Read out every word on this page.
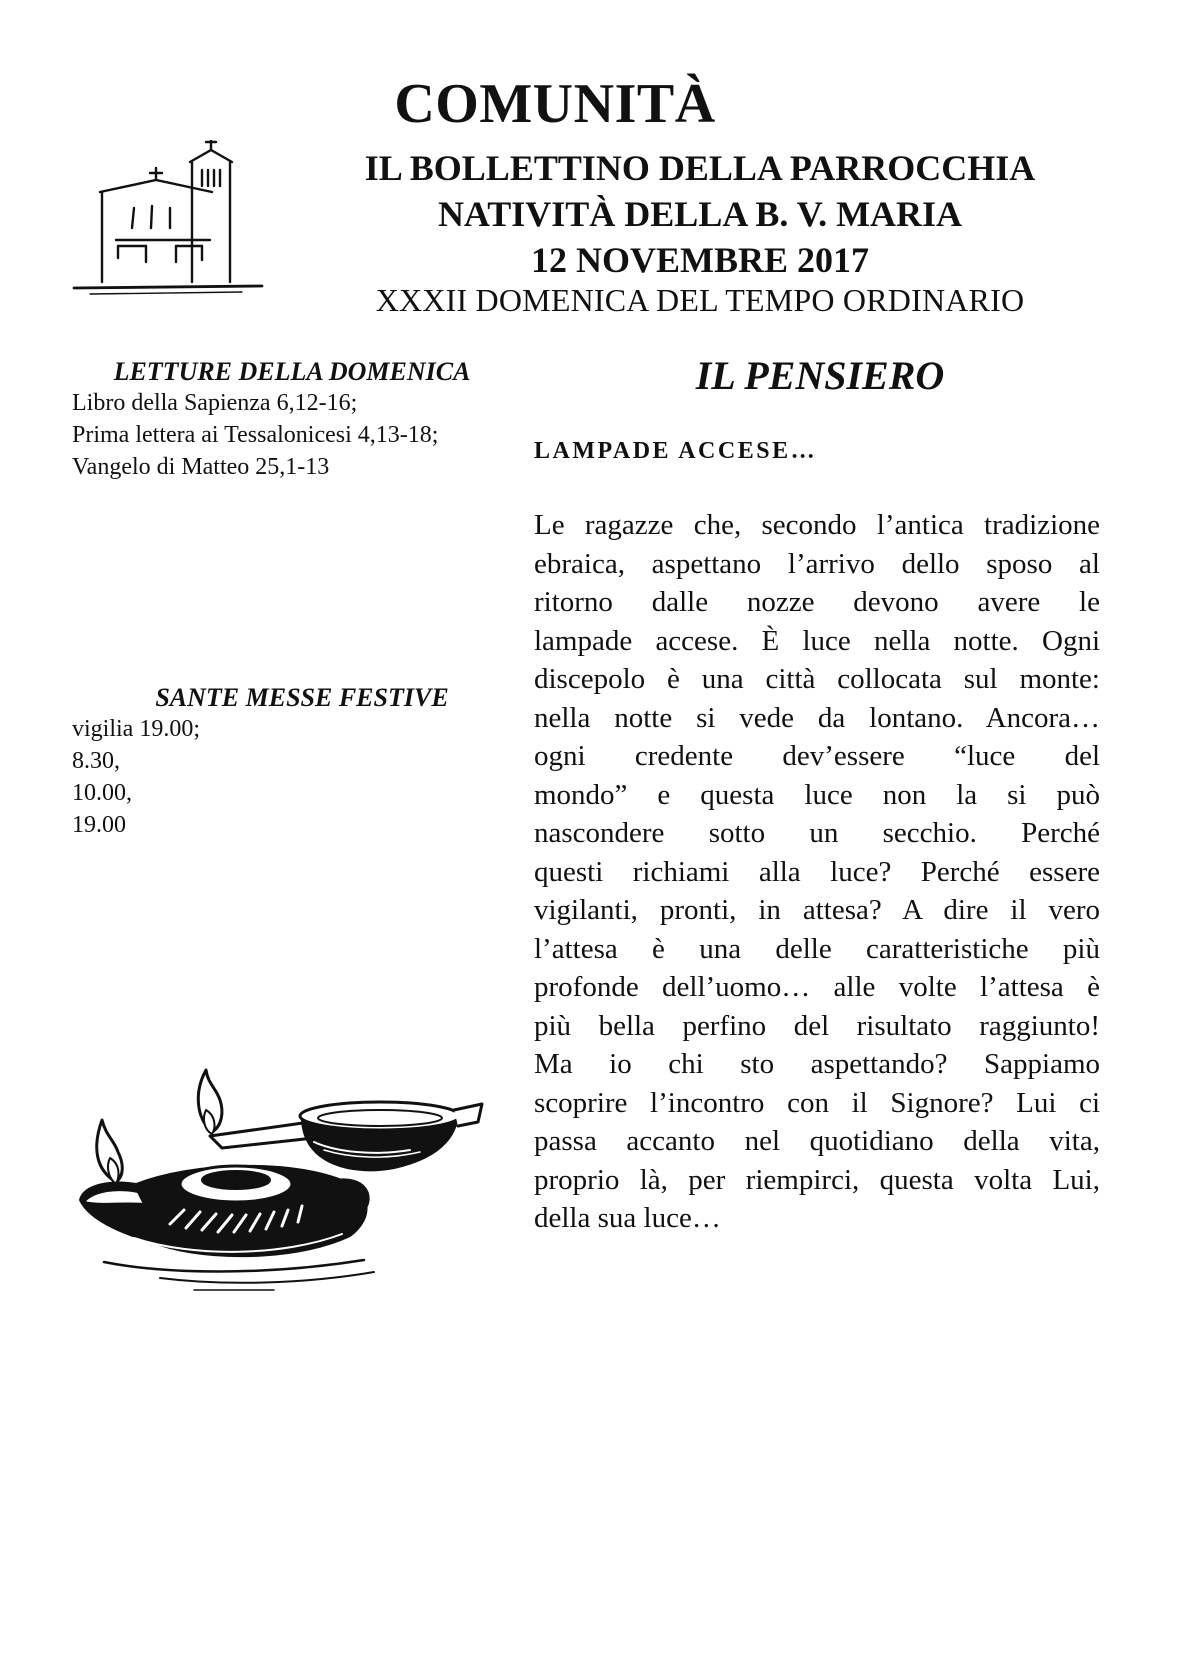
COMUNITÀ
IL BOLLETTINO DELLA PARROCCHIA
NATIVITÀ DELLA B. V. MARIA
12 NOVEMBRE 2017
XXXII DOMENICA DEL TEMPO ORDINARIO

LETTURE DELLA DOMENICA

Libro della Sapienza 6,12-16;
Prima lettera ai Tessalonicesi 4,13-18;
Vangelo di Matteo 25,1-13

SANTE MESSE FESTIVE

vigilia 19.00;
8.30,
10.00,
19.00
IL PENSIERO
LAMPADE ACCESE…
Le ragazze che, secondo l’antica tradizione
ebraica, aspettano l’arrivo dello sposo al
ritorno dalle nozze devono avere le
lampade accese. È luce nella notte. Ogni
discepolo è una città collocata sul monte:
nella notte si vede da lontano. Ancora…
ogni credente dev’essere “luce del
mondo” e questa luce non la si può
nascondere sotto un secchio. Perché
questi richiami alla luce? Perché essere
vigilanti, pronti, in attesa? A dire il vero
l’attesa è una delle caratteristiche più
profonde dell’uomo… alle volte l’attesa è
più bella perfino del risultato raggiunto!
Ma io chi sto aspettando? Sappiamo
scoprire l’incontro con il Signore? Lui ci
passa accanto nel quotidiano della vita,
proprio là, per riempirci, questa volta Lui,
della sua luce…
